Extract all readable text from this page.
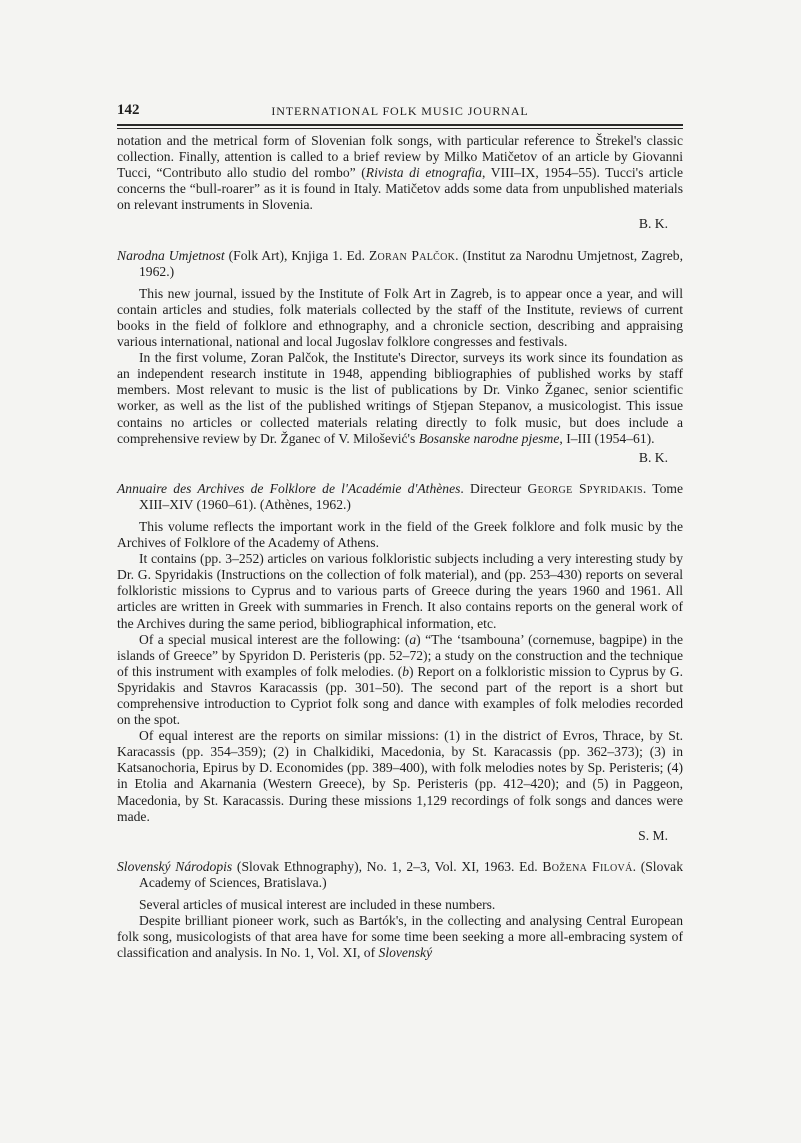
142	INTERNATIONAL FOLK MUSIC JOURNAL

notation and the metrical form of Slovenian folk songs, with particular reference to Štrekel's classic collection. Finally, attention is called to a brief review by Milko Matičetov of an article by Giovanni Tucci, “Contributo allo studio del rombo” (Rivista di etnografia, VIII–IX, 1954–55). Tucci's article concerns the “bull-roarer” as it is found in Italy. Matičetov adds some data from unpublished materials on relevant instruments in Slovenia.

B. K.

Narodna Umjetnost (Folk Art), Knjiga 1. Ed. Zoran Palčok. (Institut za Narodnu Umjetnost, Zagreb, 1962.)

This new journal, issued by the Institute of Folk Art in Zagreb, is to appear once a year, and will contain articles and studies, folk materials collected by the staff of the Institute, reviews of current books in the field of folklore and ethnography, and a chronicle section, describing and appraising various international, national and local Jugoslav folklore congresses and festivals.

In the first volume, Zoran Palčok, the Institute's Director, surveys its work since its foundation as an independent research institute in 1948, appending bibliographies of published works by staff members. Most relevant to music is the list of publications by Dr. Vinko Žganec, senior scientific worker, as well as the list of the published writings of Stjepan Stepanov, a musicologist. This issue contains no articles or collected materials relating directly to folk music, but does include a comprehensive review by Dr. Žganec of V. Milošević's Bosanske narodne pjesme, I–III (1954–61).

B. K.

Annuaire des Archives de Folklore de l'Académie d'Athènes. Directeur George Spyridakis. Tome XIII–XIV (1960–61). (Athènes, 1962.)

This volume reflects the important work in the field of the Greek folklore and folk music by the Archives of Folklore of the Academy of Athens.

It contains (pp. 3–252) articles on various folkloristic subjects including a very interesting study by Dr. G. Spyridakis (Instructions on the collection of folk material), and (pp. 253–430) reports on several folkloristic missions to Cyprus and to various parts of Greece during the years 1960 and 1961. All articles are written in Greek with summaries in French. It also contains reports on the general work of the Archives during the same period, bibliographical information, etc.

Of a special musical interest are the following: (a) “The ‘tsambouna’ (cornemuse, bagpipe) in the islands of Greece” by Spyridon D. Peristeris (pp. 52–72); a study on the construction and the technique of this instrument with examples of folk melodies. (b) Report on a folkloristic mission to Cyprus by G. Spyridakis and Stavros Karacassis (pp. 301–50). The second part of the report is a short but comprehensive introduction to Cypriot folk song and dance with examples of folk melodies recorded on the spot.

Of equal interest are the reports on similar missions: (1) in the district of Evros, Thrace, by St. Karacassis (pp. 354–359); (2) in Chalkidiki, Macedonia, by St. Karacassis (pp. 362–373); (3) in Katsanochoria, Epirus by D. Economides (pp. 389–400), with folk melodies notes by Sp. Peristeris; (4) in Etolia and Akarnania (Western Greece), by Sp. Peristeris (pp. 412–420); and (5) in Paggeon, Macedonia, by St. Karacassis. During these missions 1,129 recordings of folk songs and dances were made.

S. M.

Slovenský Národopis (Slovak Ethnography), No. 1, 2–3, Vol. XI, 1963. Ed. Božena Filová. (Slovak Academy of Sciences, Bratislava.)

Several articles of musical interest are included in these numbers.

Despite brilliant pioneer work, such as Bartók's, in the collecting and analysing Central European folk song, musicologists of that area have for some time been seeking a more all-embracing system of classification and analysis. In No. 1, Vol. XI, of Slovenský
